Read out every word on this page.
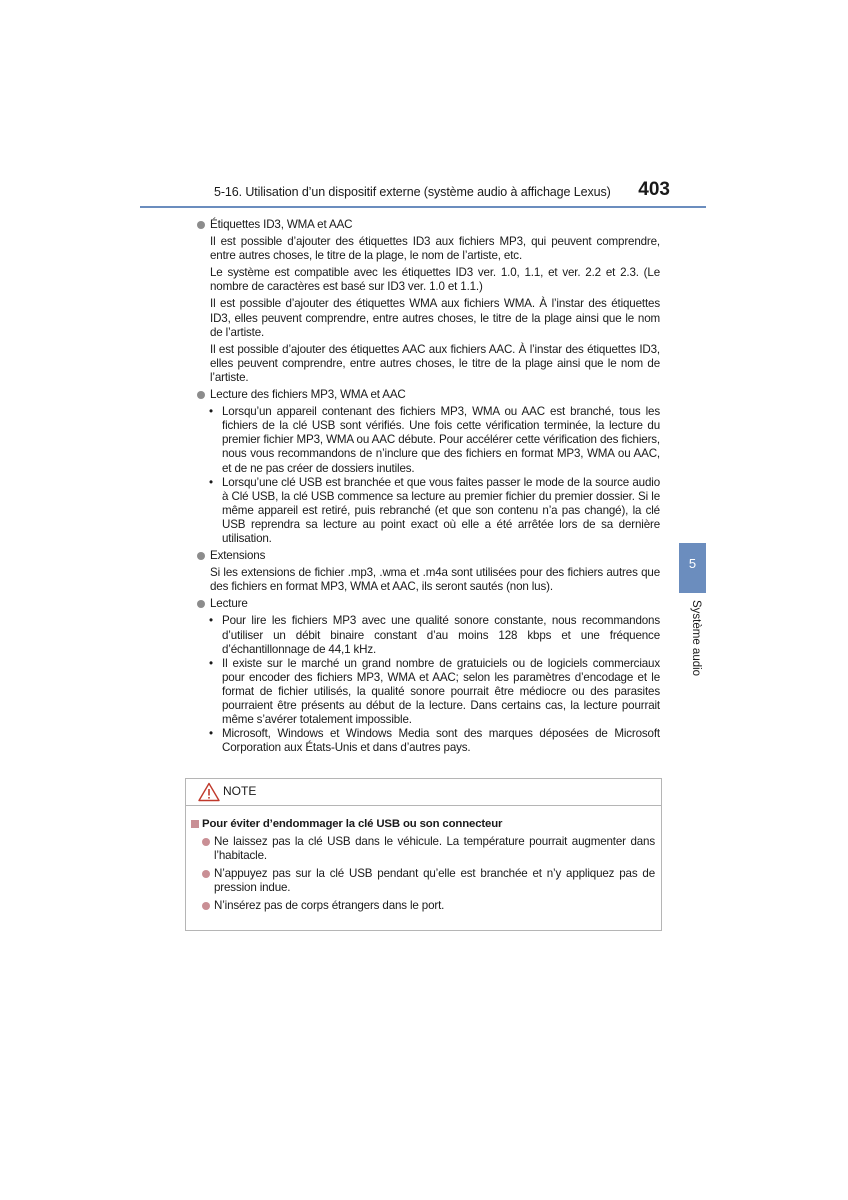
5-16. Utilisation d’un dispositif externe (système audio à affichage Lexus) 403
Étiquettes ID3, WMA et AAC
Il est possible d’ajouter des étiquettes ID3 aux fichiers MP3, qui peuvent comprendre, entre autres choses, le titre de la plage, le nom de l’artiste, etc.
Le système est compatible avec les étiquettes ID3 ver. 1.0, 1.1, et ver. 2.2 et 2.3. (Le nombre de caractères est basé sur ID3 ver. 1.0 et 1.1.)
Il est possible d’ajouter des étiquettes WMA aux fichiers WMA. À l’instar des étiquettes ID3, elles peuvent comprendre, entre autres choses, le titre de la plage ainsi que le nom de l’artiste.
Il est possible d’ajouter des étiquettes AAC aux fichiers AAC. À l’instar des étiquettes ID3, elles peuvent comprendre, entre autres choses, le titre de la plage ainsi que le nom de l’artiste.
Lecture des fichiers MP3, WMA et AAC
• Lorsqu’un appareil contenant des fichiers MP3, WMA ou AAC est branché, tous les fichiers de la clé USB sont vérifiés. Une fois cette vérification terminée, la lecture du premier fichier MP3, WMA ou AAC débute. Pour accélérer cette vérification des fichiers, nous vous recommandons de n’inclure que des fichiers en format MP3, WMA ou AAC, et de ne pas créer de dossiers inutiles.
• Lorsqu’une clé USB est branchée et que vous faites passer le mode de la source audio à Clé USB, la clé USB commence sa lecture au premier fichier du premier dossier. Si le même appareil est retiré, puis rebranché (et que son contenu n’a pas changé), la clé USB reprendra sa lecture au point exact où elle a été arrêtée lors de sa dernière utilisation.
Extensions
Si les extensions de fichier .mp3, .wma et .m4a sont utilisées pour des fichiers autres que des fichiers en format MP3, WMA et AAC, ils seront sautés (non lus).
Lecture
• Pour lire les fichiers MP3 avec une qualité sonore constante, nous recommandons d’utiliser un débit binaire constant d’au moins 128 kbps et une fréquence d’échantillonnage de 44,1 kHz.
• Il existe sur le marché un grand nombre de gratuiciels ou de logiciels commerciaux pour encoder des fichiers MP3, WMA et AAC; selon les paramètres d’encodage et le format de fichier utilisés, la qualité sonore pourrait être médiocre ou des parasites pourraient être présents au début de la lecture. Dans certains cas, la lecture pourrait même s’avérer totalement impossible.
• Microsoft, Windows et Windows Media sont des marques déposées de Microsoft Corporation aux États-Unis et dans d’autres pays.
5
Système audio
NOTE
Pour éviter d’endommager la clé USB ou son connecteur
Ne laissez pas la clé USB dans le véhicule. La température pourrait augmenter dans l’habitacle.
N’appuyez pas sur la clé USB pendant qu’elle est branchée et n’y appliquez pas de pression indue.
N’insérez pas de corps étrangers dans le port.
